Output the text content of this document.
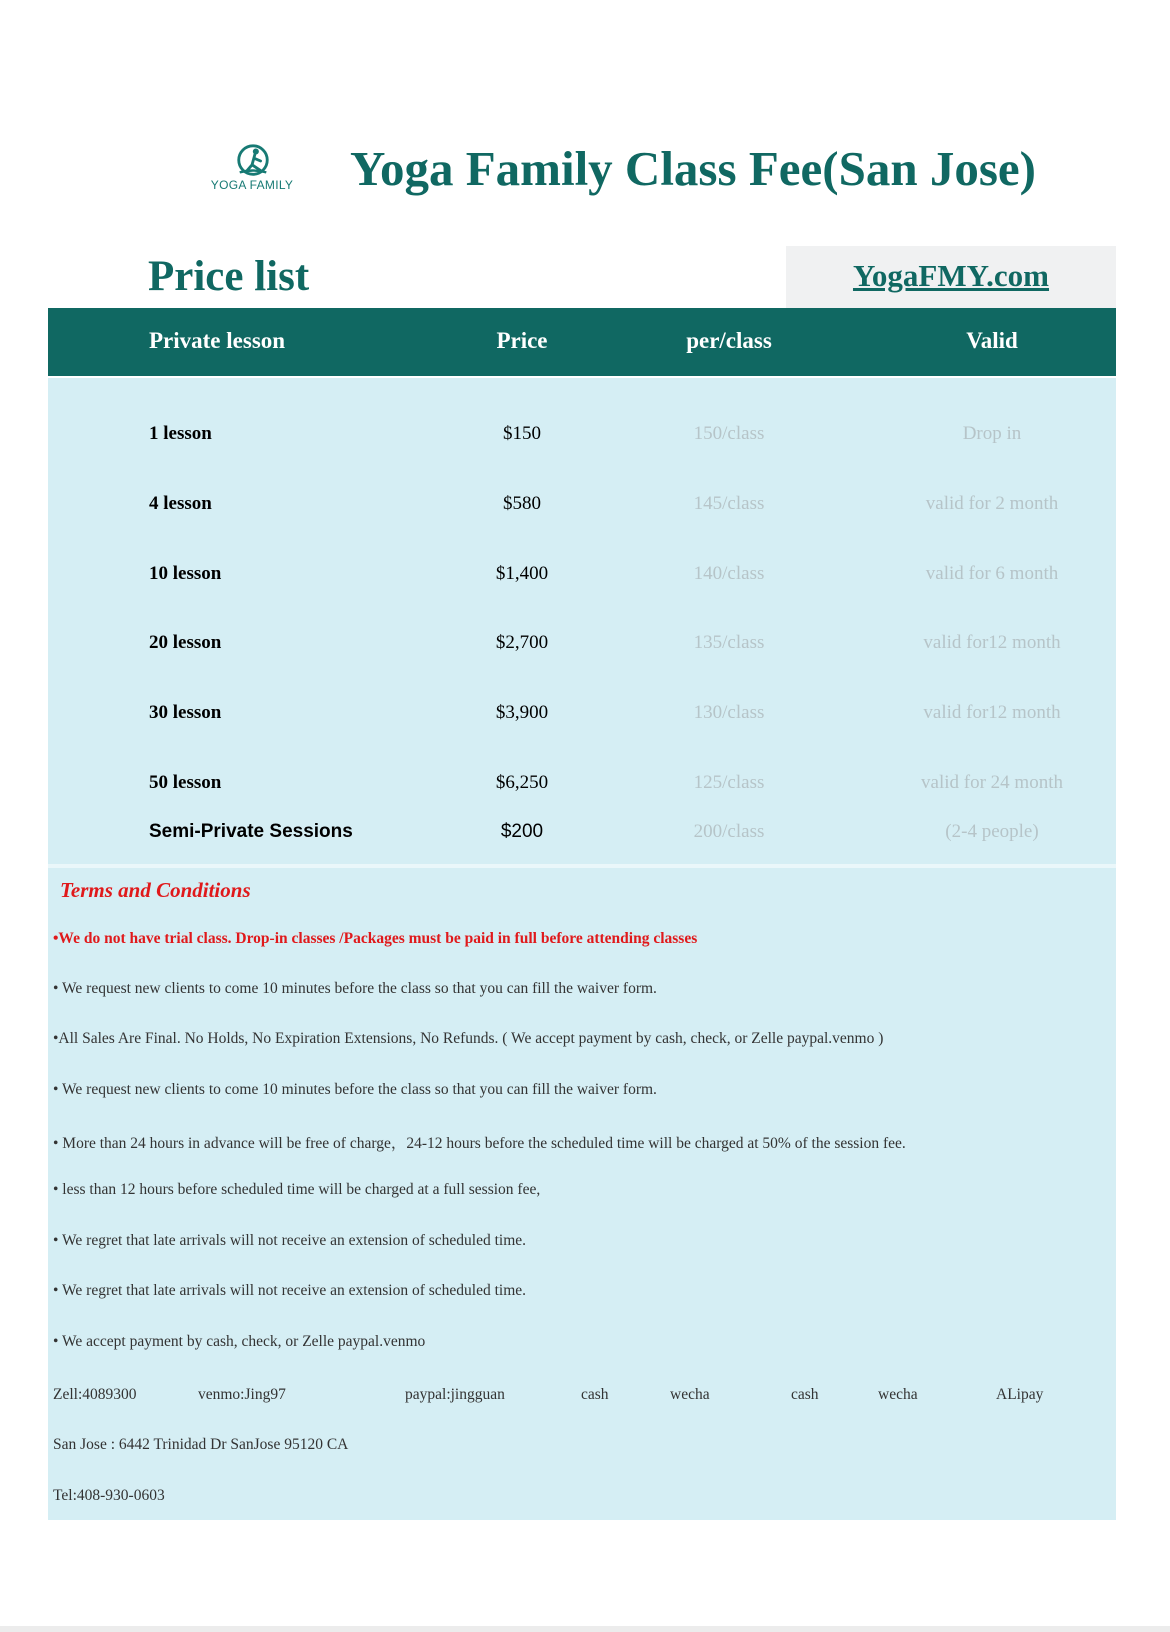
YOGA FAMILY Yoga Family Class Fee(San Jose)
Price list	YogaFMY.com
Private lesson	Price	per/class	Valid
1 lesson	$150	150/class	Drop in
4 lesson	$580	145/class	valid for 2 month
10 lesson	$1,400	140/class	valid for 6 month
20 lesson	$2,700	135/class	valid for12 month
30 lesson	$3,900	130/class	valid for12 month
50 lesson	$6,250	125/class	valid for 24 month
Semi-Private Sessions	$200	200/class	(2-4 people)
Terms and Conditions
•We do not have trial class. Drop-in classes /Packages must be paid in full before attending classes
• We request new clients to come 10 minutes before the class so that you can fill the waiver form.
•All Sales Are Final. No Holds, No Expiration Extensions, No Refunds. ( We accept payment by cash, check, or Zelle paypal.venmo )
• We request new clients to come 10 minutes before the class so that you can fill the waiver form.
• More than 24 hours in advance will be free of charge，24-12 hours before the scheduled time will be charged at 50% of the session fee.
• less than 12 hours before scheduled time will be charged at a full session fee,
• We regret that late arrivals will not receive an extension of scheduled time.
• We regret that late arrivals will not receive an extension of scheduled time.
• We accept payment by cash, check, or Zelle paypal.venmo
Zell:4089300	venmo:Jing97	paypal:jingguan	cash	wecha	cash	wecha	ALipay
San Jose : 6442 Trinidad Dr SanJose 95120 CA
Tel:408-930-0603
